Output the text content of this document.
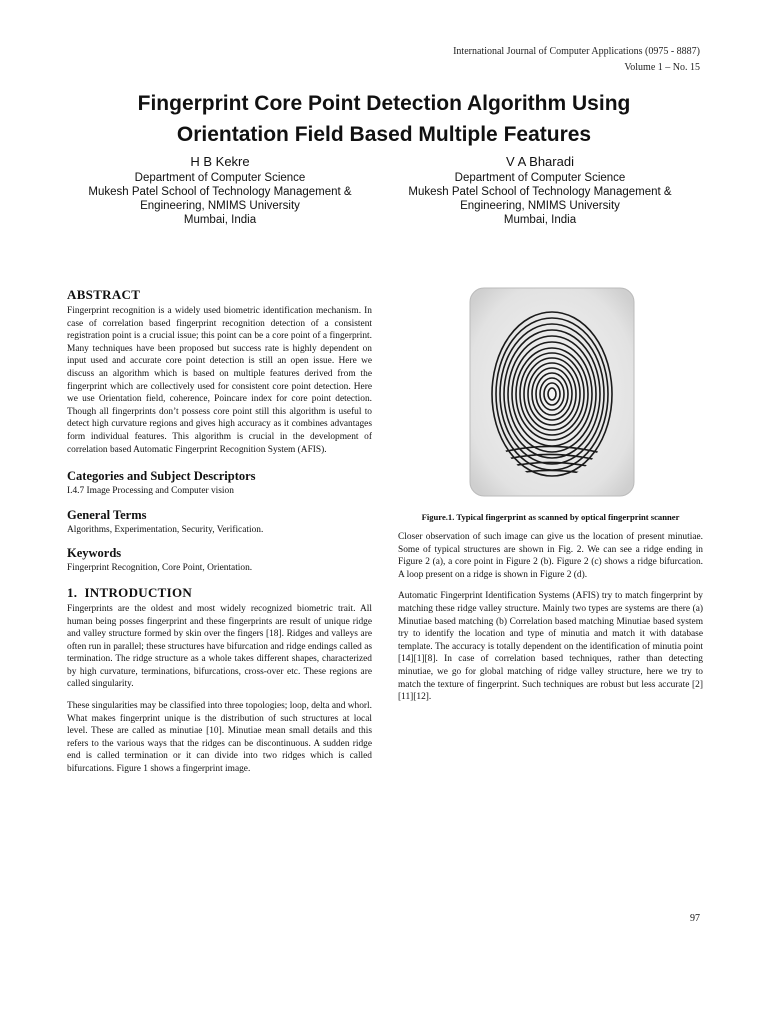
International Journal of Computer Applications (0975 - 8887)
Volume 1 – No. 15
Fingerprint Core Point Detection Algorithm Using
Orientation Field Based Multiple Features
H B Kekre
Department of Computer Science
Mukesh Patel School of Technology Management &
Engineering, NMIMS University
Mumbai, India
V A Bharadi
Department of Computer Science
Mukesh Patel School of Technology Management &
Engineering, NMIMS University
Mumbai, India
ABSTRACT

Fingerprint recognition is a widely used biometric identification mechanism. In case of correlation based fingerprint recognition detection of a consistent registration point is a crucial issue; this point can be a core point of a fingerprint. Many techniques have been proposed but success rate is highly dependent on input used and accurate core point detection is still an open issue. Here we discuss an algorithm which is based on multiple features derived from the fingerprint which are collectively used for consistent core point detection. Here we use Orientation field, coherence, Poincare index for core point detection. Though all fingerprints don’t possess core point still this algorithm is useful to detect high curvature regions and gives high accuracy as it combines advantages form individual features. This algorithm is crucial in the development of correlation based Automatic Fingerprint Recognition System (AFIS).

Categories and Subject Descriptors

I.4.7 Image Processing and Computer vision

General Terms

Algorithms, Experimentation, Security, Verification.

Keywords

Fingerprint Recognition, Core Point, Orientation.

1.  INTRODUCTION

Fingerprints are the oldest and most widely recognized biometric trait. All human being posses fingerprint and these fingerprints are result of unique ridge and valley structure formed by skin over the fingers [18]. Ridges and valleys are often run in parallel; these structures have bifurcation and ridge endings called as termination. The ridge structure as a whole takes different shapes, characterized by high curvature, terminations, bifurcations, cross-over etc. These regions are called singularity.

These singularities may be classified into three topologies; loop, delta and whorl. What makes fingerprint unique is the distribution of such structures at local level. These are called as minutiae [10]. Minutiae mean small details and this refers to the various ways that the ridges can be discontinuous. A sudden ridge end is called termination or it can divide into two ridges which is called bifurcations. Figure 1 shows a fingerprint image.

Figure.1. Typical fingerprint as scanned by optical fingerprint scanner

Closer observation of such image can give us the location of present minutiae. Some of typical structures are shown in Fig. 2. We can see a ridge ending in Figure 2 (a), a core point in Figure 2 (b). Figure 2 (c) shows a ridge bifurcation. A loop present on a ridge is shown in Figure 2 (d).

Automatic Fingerprint Identification Systems (AFIS) try to match fingerprint by matching these ridge valley structure. Mainly two types are systems are there (a) Minutiae based matching (b) Correlation based matching Minutiae based system try to identify the location and type of minutia and match it with database template. The accuracy is totally dependent on the identification of minutia point [14][1][8]. In case of correlation based techniques, rather than detecting minutiae, we go for global matching of ridge valley structure, here we try to match the texture of fingerprint. Such techniques are robust but less accurate [2][11][12].

97
